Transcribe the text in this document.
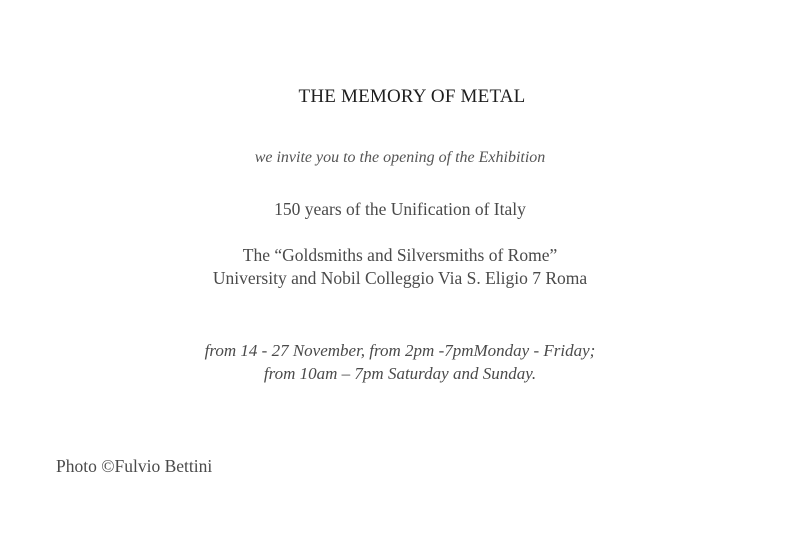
THE MEMORY OF METAL
we invite you to the opening of the Exhibition
150 years of the Unification of Italy
The “Goldsmiths and Silversmiths of Rome”
University and Nobil Colleggio Via S. Eligio 7 Roma
from 14 - 27 November, from 2pm -7pmMonday - Friday;
from 10am – 7pm Saturday and Sunday.
Photo ©Fulvio Bettini
